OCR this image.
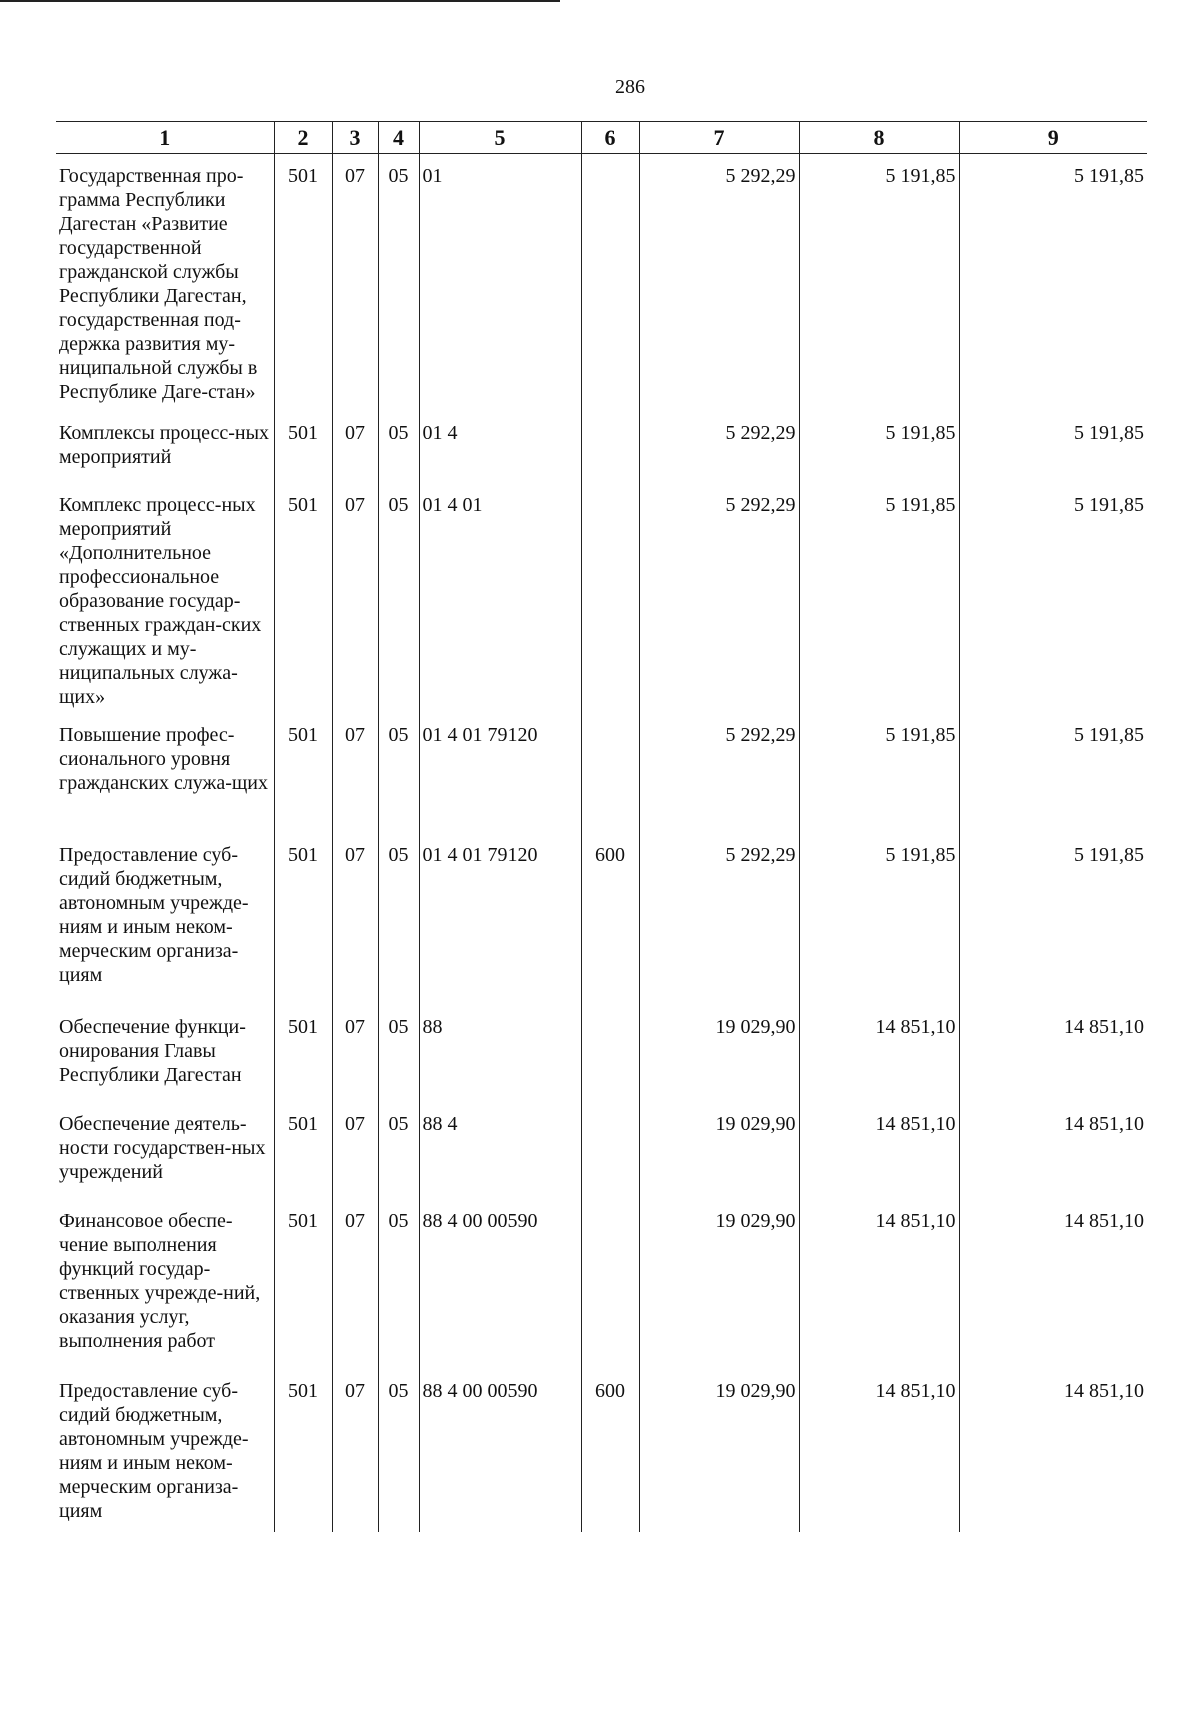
286
1	2	3	4	5	6	7	8	9
Государственная про-грамма Республики Дагестан «Развитие государственной гражданской службы Республики Дагестан, государственная под-держка развития му-ниципальной службы в Республике Даге-стан»	501	07	05	01		5 292,29	5 191,85	5 191,85
Комплексы процесс-ных мероприятий	501	07	05	01 4		5 292,29	5 191,85	5 191,85
Комплекс процесс-ных мероприятий «Дополнительное профессиональное образование государ-ственных граждан-ских служащих и му-ниципальных служа-щих»	501	07	05	01 4 01		5 292,29	5 191,85	5 191,85
Повышение профес-сионального уровня гражданских служа-щих	501	07	05	01 4 01 79120		5 292,29	5 191,85	5 191,85
Предоставление суб-сидий бюджетным, автономным учрежде-ниям и иным неком-мерческим организа-циям	501	07	05	01 4 01 79120	600	5 292,29	5 191,85	5 191,85
Обеспечение функци-онирования Главы Республики Дагестан	501	07	05	88		19 029,90	14 851,10	14 851,10
Обеспечение деятель-ности государствен-ных учреждений	501	07	05	88 4		19 029,90	14 851,10	14 851,10
Финансовое обеспе-чение выполнения функций государ-ственных учрежде-ний, оказания услуг, выполнения работ	501	07	05	88 4 00 00590		19 029,90	14 851,10	14 851,10
Предоставление суб-сидий бюджетным, автономным учрежде-ниям и иным неком-мерческим организа-циям	501	07	05	88 4 00 00590	600	19 029,90	14 851,10	14 851,10
